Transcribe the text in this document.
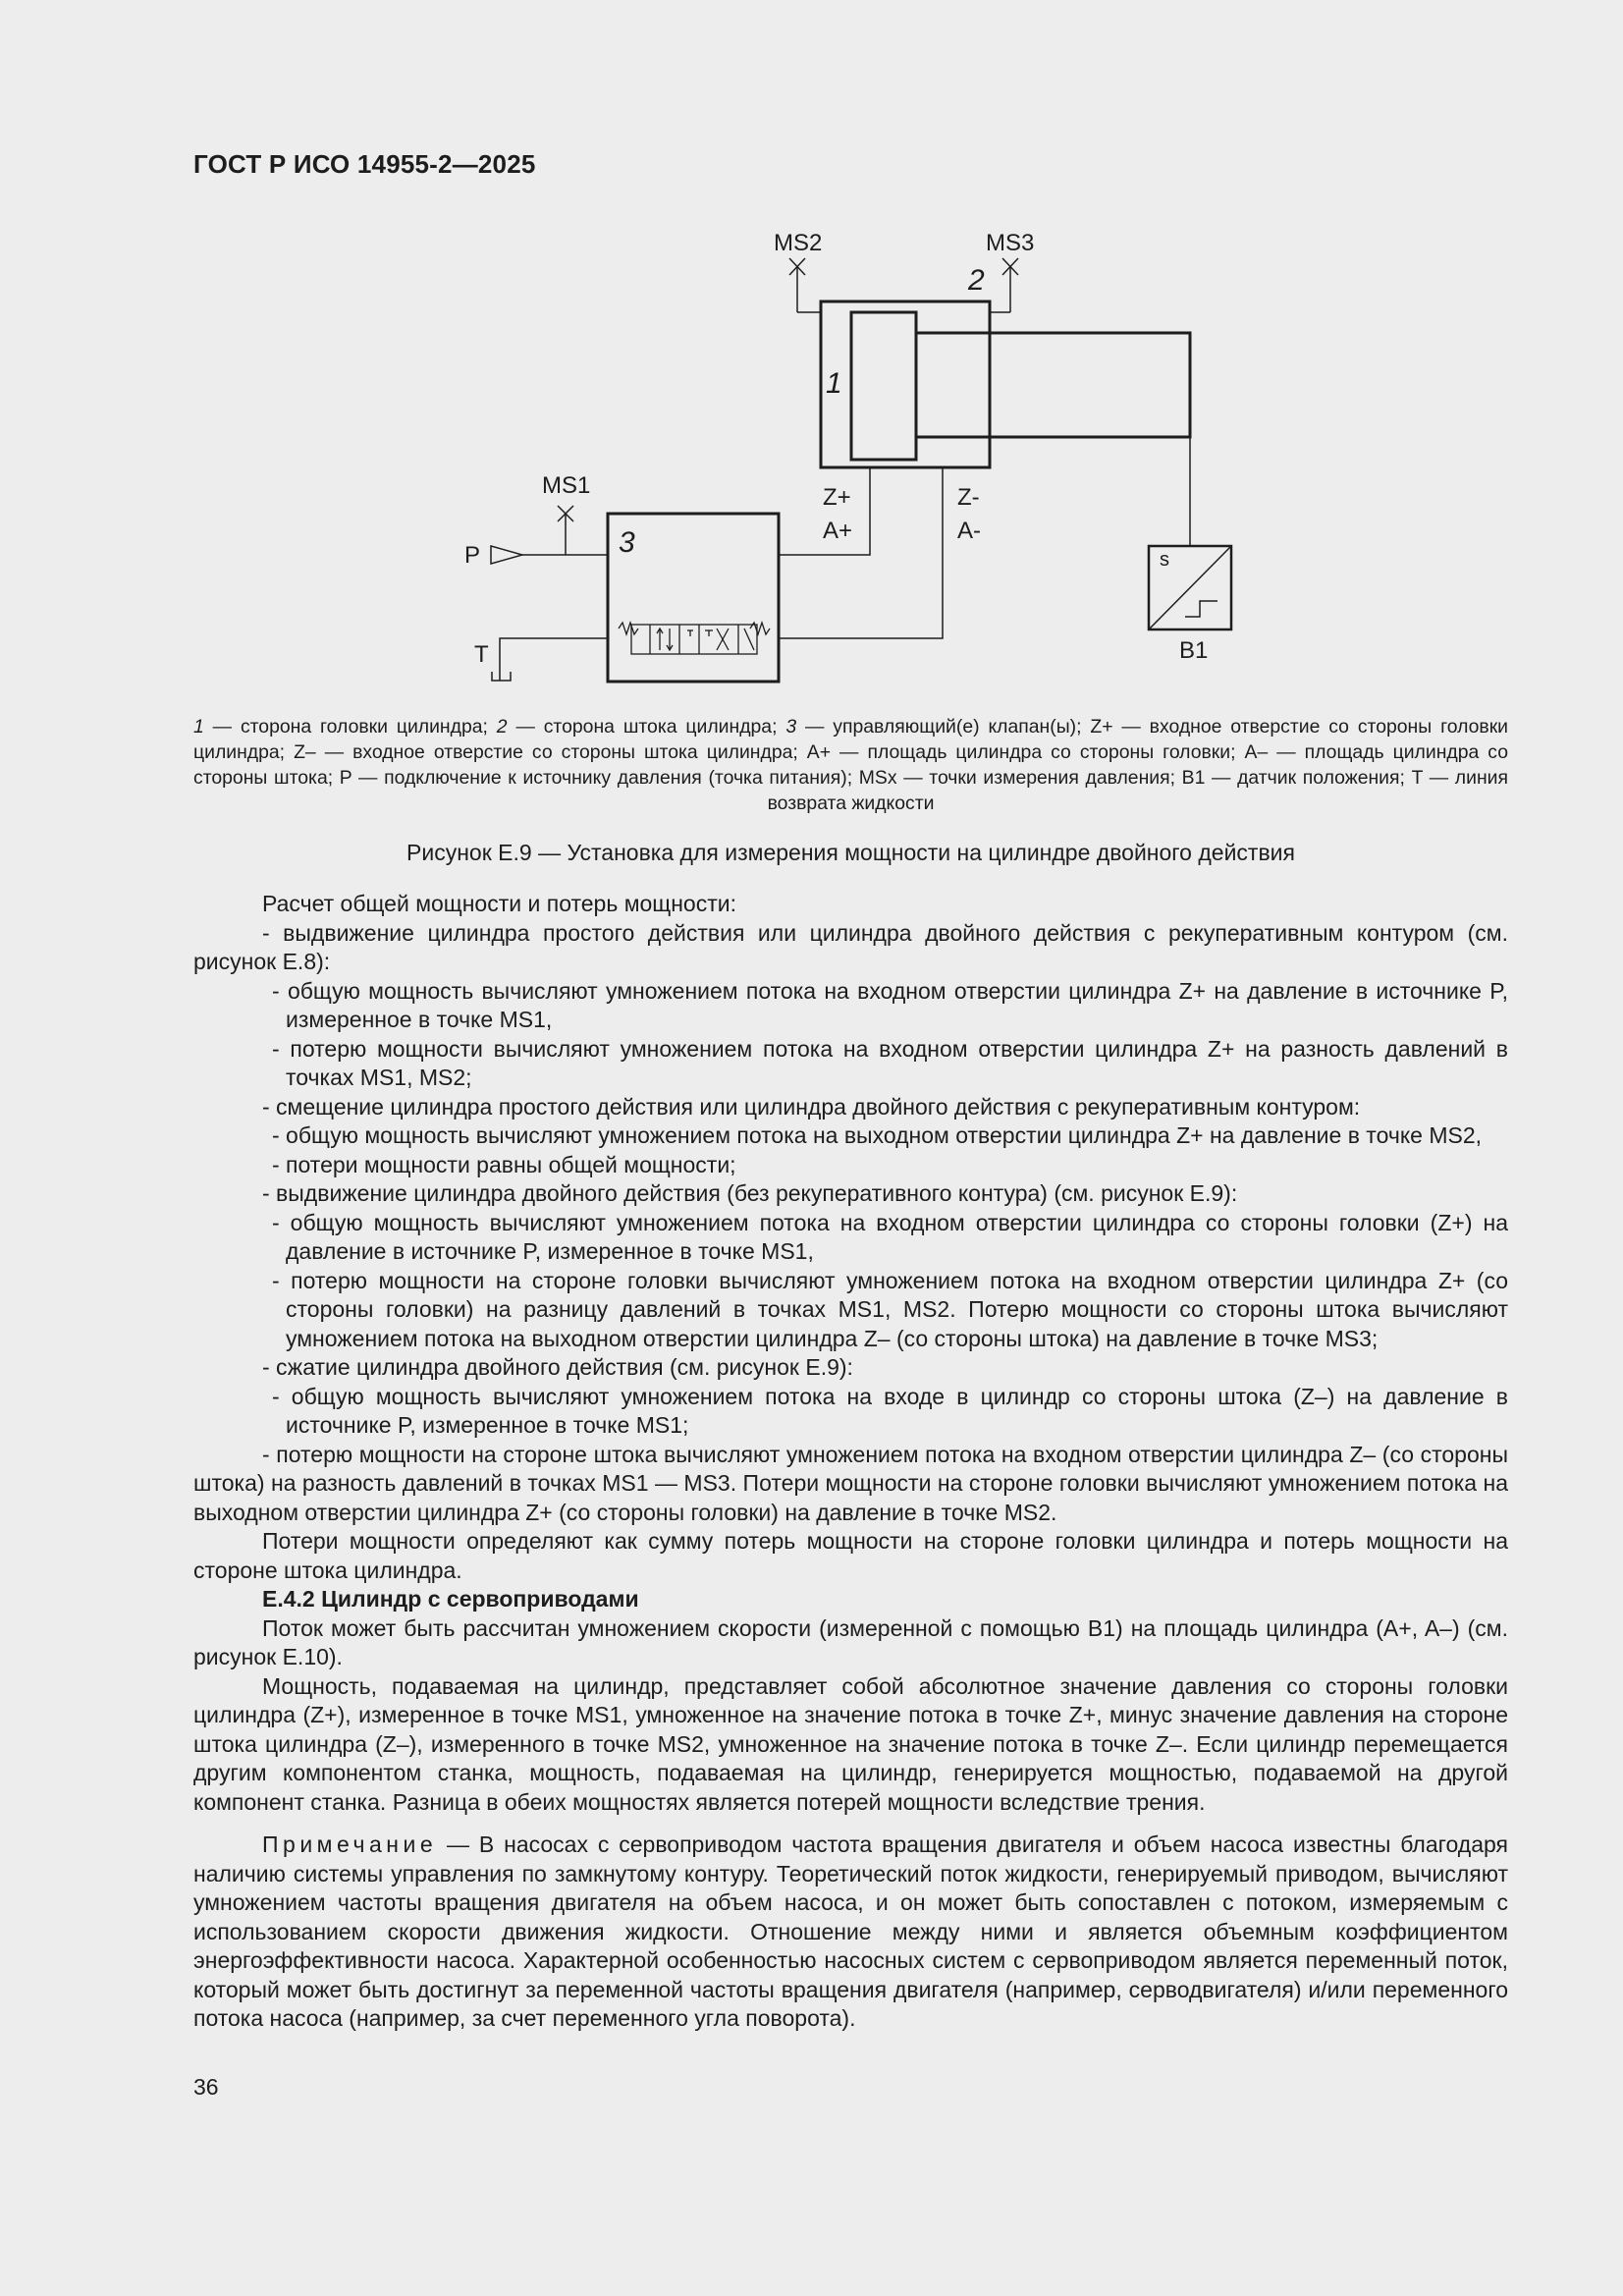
ГОСТ Р ИСО 14955-2—2025
MS2	MS3
2
1
MS1	Z+
A+
Z-
A-
3
P
T
s
B1
1 — сторона головки цилиндра; 2 — сторона штока цилиндра; 3 — управляющий(е) клапан(ы); Z+ — входное отверстие со стороны головки цилиндра; Z– — входное отверстие со стороны штока цилиндра; A+ — площадь цилиндра со стороны головки; A– — площадь цилиндра со стороны штока; P — подключение к источнику давления (точка питания); MSx — точки измерения давления; B1 — датчик положения; T — линия возврата жидкости
Рисунок E.9 — Установка для измерения мощности на цилиндре двойного действия

Расчет общей мощности и потерь мощности:

- выдвижение цилиндра простого действия или цилиндра двойного действия с рекуперативным контуром (см. рисунок E.8):

- общую мощность вычисляют умножением потока на входном отверстии цилиндра Z+ на давление в источнике P, измеренное в точке MS1,

- потерю мощности вычисляют умножением потока на входном отверстии цилиндра Z+ на разность давлений в точках MS1, MS2;

- смещение цилиндра простого действия или цилиндра двойного действия с рекуперативным контуром:

- общую мощность вычисляют умножением потока на выходном отверстии цилиндра Z+ на давление в точке MS2,

- потери мощности равны общей мощности;

- выдвижение цилиндра двойного действия (без рекуперативного контура) (см. рисунок E.9):

- общую мощность вычисляют умножением потока на входном отверстии цилиндра со стороны головки (Z+) на давление в источнике P, измеренное в точке MS1,

- потерю мощности на стороне головки вычисляют умножением потока на входном отверстии цилиндра Z+ (со стороны головки) на разницу давлений в точках MS1, MS2. Потерю мощности со стороны штока вычисляют умножением потока на выходном отверстии цилиндра Z– (со стороны штока) на давление в точке MS3;

- сжатие цилиндра двойного действия (см. рисунок E.9):

- общую мощность вычисляют умножением потока на входе в цилиндр со стороны штока (Z–) на давление в источнике P, измеренное в точке MS1;

- потерю мощности на стороне штока вычисляют умножением потока на входном отверстии цилиндра Z– (со стороны штока) на разность давлений в точках MS1 — MS3. Потери мощности на стороне головки вычисляют умножением потока на выходном отверстии цилиндра Z+ (со стороны головки) на давление в точке MS2.

Потери мощности определяют как сумму потерь мощности на стороне головки цилиндра и потерь мощности на стороне штока цилиндра.

E.4.2 Цилиндр с сервоприводами

Поток может быть рассчитан умножением скорости (измеренной с помощью B1) на площадь цилиндра (A+, A–) (см. рисунок E.10).

Мощность, подаваемая на цилиндр, представляет собой абсолютное значение давления со стороны головки цилиндра (Z+), измеренное в точке MS1, умноженное на значение потока в точке Z+, минус значение давления на стороне штока цилиндра (Z–), измеренного в точке MS2, умноженное на значение потока в точке Z–. Если цилиндр перемещается другим компонентом станка, мощность, подаваемая на цилиндр, генерируется мощностью, подаваемой на другой компонент станка. Разница в обеих мощностях является потерей мощности вследствие трения.

Примечание — В насосах с сервоприводом частота вращения двигателя и объем насоса известны благодаря наличию системы управления по замкнутому контуру. Теоретический поток жидкости, генерируемый приводом, вычисляют умножением частоты вращения двигателя на объем насоса, и он может быть сопоставлен с потоком, измеряемым с использованием скорости движения жидкости. Отношение между ними и является объемным коэффициентом энергоэффективности насоса. Характерной особенностью насосных систем с сервоприводом является переменный поток, который может быть достигнут за переменной частоты вращения двигателя (например, серводвигателя) и/или переменного потока насоса (например, за счет переменного угла поворота).

36
